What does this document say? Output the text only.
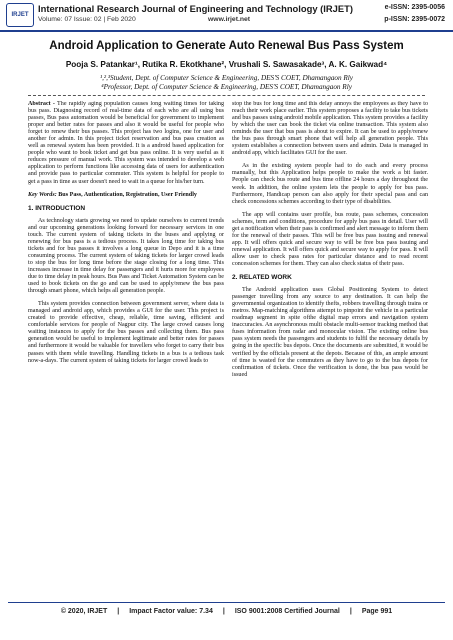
IRJET
International Research Journal of Engineering and Technology (IRJET)
Volume: 07 Issue: 02 | Feb 2020	www.irjet.net
e-ISSN: 2395-0056
p-ISSN: 2395-0072
Android Application to Generate Auto Renewal Bus Pass System
Pooja S. Patankar¹, Rutika R. Ekotkhane², Vrushali S. Sawasakade³, A. K. Gaikwad⁴
¹,²,³Student, Dept. of Computer Science & Engineering, DES'S COET, Dhamangaon Rly
⁴Professor, Dept. of Computer Science & Engineering, DES'S COET, Dhamangaon Rly

Abstract - The rapidly aging population causes long waiting times for taking bus pass. Diagnosing record of real-time data of each who are all using bus passes, Bus pass automation would be beneficial for government to implement proper and better rates for passes and also it would be useful for people who forget to renew their bus passes. This project has two logins, one for user and another for admin. In this project ticket reservation and bus pass creation as well as renewal system has been provided. It is a android based application for people who want to book ticket and get bus pass online. It is very useful as it reduces pressure of manual work. This system was intended to develop a web application to perform functions like accessing data of users for authentication and provide pass to particular commuter. This system is helpful for people to get a pass in time as user doesn't need to wait in a queue for his/her turn.

Key Words: Bus Pass, Authentication, Registration, User Friendly

1. INTRODUCTION

As technology starts growing we need to update ourselves to current trends and our upcoming generations looking forward for necessary services in one touch. The current system of taking tickets in the buses and applying or renewing for bus pass is a tedious process. It takes long time for taking bus tickets and for bus passes it involves a long queue in Depo and it is a time consuming process. The current system of taking tickets for larger crowd leads to stop the bus for long time before the stage closing for a long time. This increases increase in time delay for passengers and it hurts more for employees due to time delay in peak hours. Bus Pass and Ticket Automation System can be used to book tickets on the go and can be used to apply/renew the bus pass through smart phone, which helps all generation people.

This system provides connection between government server, where data is managed and android app, which provides a GUI for the user. This project is created to provide effective, cheap, reliable, time saving, efficient and comfortable services for people of Nagpur city. The large crowd causes long waiting instances to apply for the bus passes and collecting them. Bus pass generation would be useful to implement legitimate and better rates for passes and furthermore it would be valuable for travellers who forget to carry their bus passes with them while travelling. Handling tickets in a bus is a tedious task now-a-days. The current system of taking tickets for larger crowd leads to

stop the bus for long time and this delay annoys the employees as they have to reach their work place earlier. This system proposes a facility to take bus tickets and bus passes using android mobile application. This system provides a facility by which the user can book the ticket via online transaction. This system also reminds the user that bus pass is about to expire. It can be used to apply/renew the bus pass through smart phone that will help all generation people. This system establishes a connection between users and admin. Data is managed in android app, which facilitates GUI for the user.

As in the existing system people had to do each and every process manually, but this Application helps people to make the work a bit faster. People can check bus route and bus time offline 24 hours a day throughout the week. In addition, the online system lets the people to apply for bus pass. Furthermore, Handicap person can also apply for their special pass and can check concessions schemes according to their type of disabilities.

The app will contains user profile, bus route, pass schemes, concession schemes, term and conditions, procedure for apply bus pass in detail. User will get a notification when their pass is confirmed and alert message to inform them for the renewal of their passes. This will be free bus pass issuing and renewal app. It will offers quick and secure way to will be free bus pass issuing and renewal application. It will offers quick and secure way to apply for pass. It will allow user to check pass rates for particular distance and to read recent concession schemes for them. They can also check status of their pass.

2. RELATED WORK

The Android application uses Global Positioning System to detect passenger travelling from any source to any destination. It can help the governmental organization to identify thefts, robbers travelling through trains or metros. Map-matching algorithms attempt to pinpoint the vehicle in a particular roadmap segment in spite ofthe digital map errors and navigation system inaccuracies. An asynchronous multi obstacle multi-sensor tracking method that fuses information from radar and monocular vision. The existing online bus pass system needs the passengers and students to fulfil the necessary details by going in the specific bus depots. Once the documents are submitted, it would be verified by the officials present at the depots. Because of this, an ample amount of time is wasted for the commuters as they have to go to the bus depots for confirmation of tickets. Once the verification is done, the bus pass would be issued

© 2020, IRJET | Impact Factor value: 7.34 | ISO 9001:2008 Certified Journal | Page 991
